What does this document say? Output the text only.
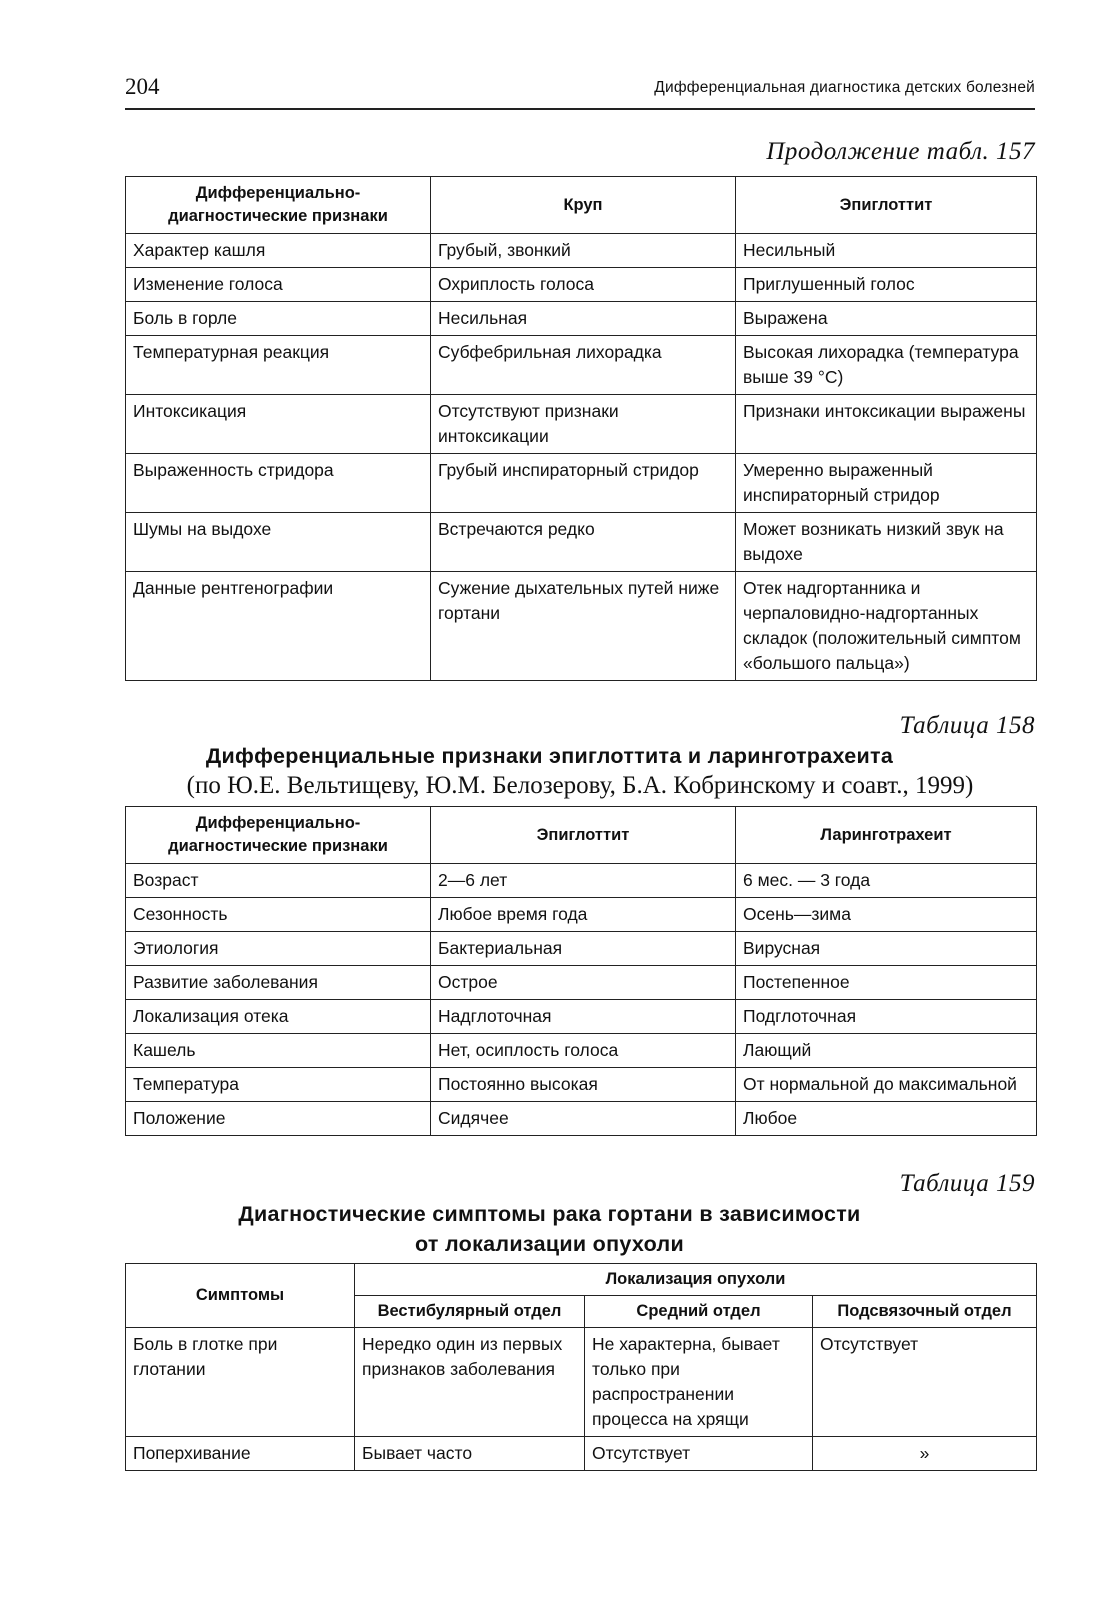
204	Дифференциальная диагностика детских болезней
Продолжение табл. 157
Дифференциально-диагностические признаки	Круп	Эпиглоттит
Характер кашля	Грубый, звонкий	Несильный
Изменение голоса	Охриплость голоса	Приглушенный голос
Боль в горле	Несильная	Выражена
Температурная реакция	Субфебрильная лихорадка	Высокая лихорадка (температура выше 39 °С)
Интоксикация	Отсутствуют признаки интоксикации	Признаки интоксикации выражены
Выраженность стридора	Грубый инспираторный стридор	Умеренно выраженный инспираторный стридор
Шумы на выдохе	Встречаются редко	Может возникать низкий звук на выдохе
Данные рентгенографии	Сужение дыхательных путей ниже гортани	Отек надгортанника и черпаловидно-надгортанных складок (положительный симптом «большого пальца»)
Таблица 158
Дифференциальные признаки эпиглоттита и ларинготрахеита
(по Ю.Е. Вельтищеву, Ю.М. Белозерову, Б.А. Кобринскому и соавт., 1999)
Дифференциально-диагностические признаки	Эпиглоттит	Ларинготрахеит
Возраст	2—6 лет	6 мес. — 3 года
Сезонность	Любое время года	Осень—зима
Этиология	Бактериальная	Вирусная
Развитие заболевания	Острое	Постепенное
Локализация отека	Надглоточная	Подглоточная
Кашель	Нет, осиплость голоса	Лающий
Температура	Постоянно высокая	От нормальной до максимальной
Положение	Сидячее	Любое
Таблица 159
Диагностические симптомы рака гортани в зависимости
от локализации опухоли
Симптомы	Локализация опухоли		
	Вестибулярный отдел	Средний отдел	Подсвязочный отдел
Боль в глотке при глотании	Нередко один из первых признаков заболевания	Не характерна, бывает только при распространении процесса на хрящи	Отсутствует
Поперхивание	Бывает часто	Отсутствует	»
